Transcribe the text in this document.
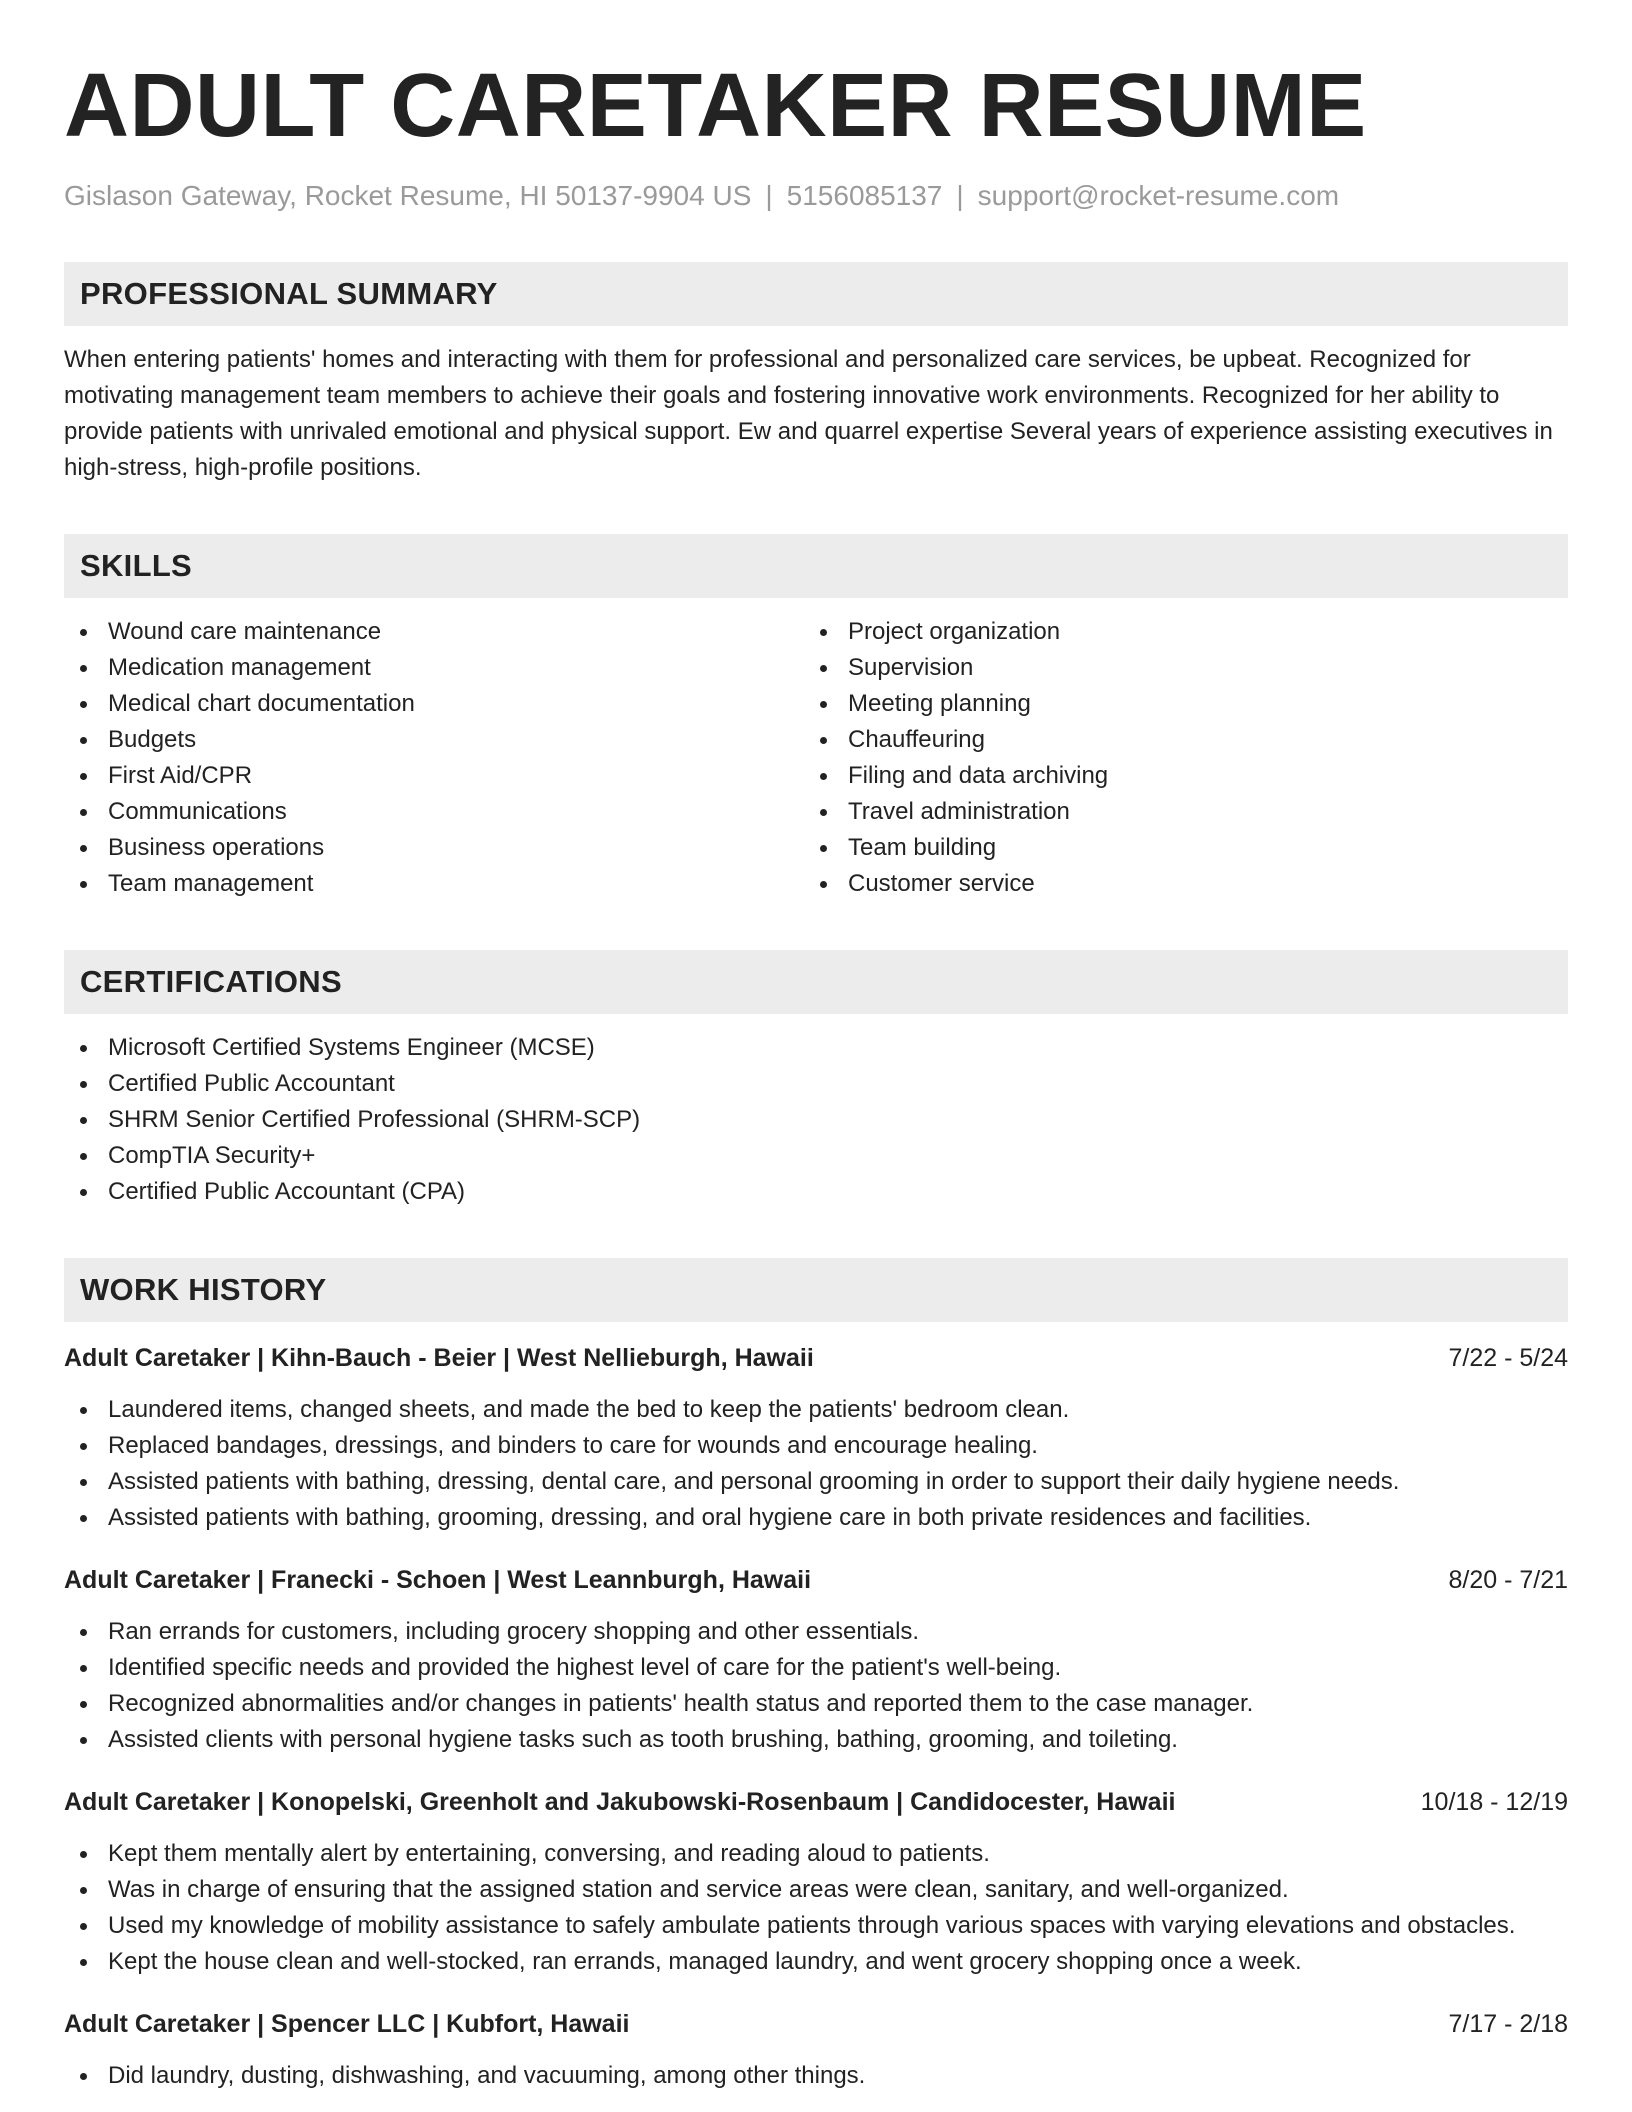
ADULT CARETAKER RESUME
Gislason Gateway, Rocket Resume, HI 50137-9904 US | 5156085137 | support@rocket-resume.com
PROFESSIONAL SUMMARY
When entering patients' homes and interacting with them for professional and personalized care services, be upbeat. Recognized for motivating management team members to achieve their goals and fostering innovative work environments. Recognized for her ability to provide patients with unrivaled emotional and physical support. Ew and quarrel expertise Several years of experience assisting executives in high-stress, high-profile positions.
SKILLS
Wound care maintenance
Medication management
Medical chart documentation
Budgets
First Aid/CPR
Communications
Business operations
Team management
Project organization
Supervision
Meeting planning
Chauffeuring
Filing and data archiving
Travel administration
Team building
Customer service
CERTIFICATIONS
Microsoft Certified Systems Engineer (MCSE)
Certified Public Accountant
SHRM Senior Certified Professional (SHRM-SCP)
CompTIA Security+
Certified Public Accountant (CPA)
WORK HISTORY
Adult Caretaker | Kihn-Bauch - Beier | West Nellieburgh, Hawaii	7/22 - 5/24
Laundered items, changed sheets, and made the bed to keep the patients' bedroom clean.
Replaced bandages, dressings, and binders to care for wounds and encourage healing.
Assisted patients with bathing, dressing, dental care, and personal grooming in order to support their daily hygiene needs.
Assisted patients with bathing, grooming, dressing, and oral hygiene care in both private residences and facilities.
Adult Caretaker | Franecki - Schoen | West Leannburgh, Hawaii	8/20 - 7/21
Ran errands for customers, including grocery shopping and other essentials.
Identified specific needs and provided the highest level of care for the patient's well-being.
Recognized abnormalities and/or changes in patients' health status and reported them to the case manager.
Assisted clients with personal hygiene tasks such as tooth brushing, bathing, grooming, and toileting.
Adult Caretaker | Konopelski, Greenholt and Jakubowski-Rosenbaum | Candidocester, Hawaii	10/18 - 12/19
Kept them mentally alert by entertaining, conversing, and reading aloud to patients.
Was in charge of ensuring that the assigned station and service areas were clean, sanitary, and well-organized.
Used my knowledge of mobility assistance to safely ambulate patients through various spaces with varying elevations and obstacles.
Kept the house clean and well-stocked, ran errands, managed laundry, and went grocery shopping once a week.
Adult Caretaker | Spencer LLC | Kubfort, Hawaii	7/17 - 2/18
Did laundry, dusting, dishwashing, and vacuuming, among other things.
